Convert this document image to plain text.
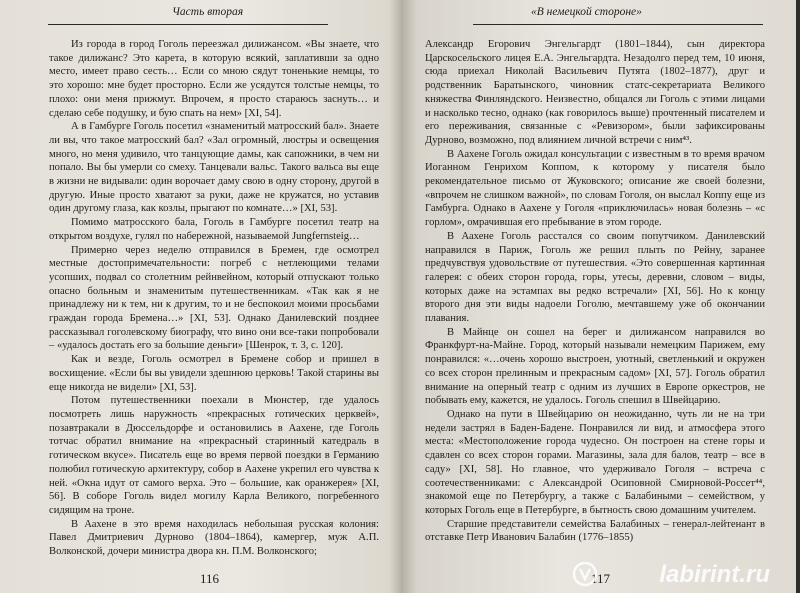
Часть вторая

Из города в город Гоголь переезжал дилижансом. «Вы знаете, что такое дилижанс? Это карета, в которую всякий, заплативши за одно место, имеет право сесть… Если со мною сядут тоненькие немцы, то это хорошо: мне будет просторно. Если же усядутся толстые немцы, то плохо: они меня прижмут. Впрочем, я просто стараюсь заснуть… и сделаю себе подушку, и бую спать на нем» [XI, 54].

А в Гамбурге Гоголь посетил «знаменитый матросский бал». Знаете ли вы, что такое матросский бал? «Зал огромный, люстры и освещения много, но меня удивило, что танцующие дамы, как сапожники, в чем ни попало. Вы бы умерли со смеху. Танцевали вальс. Такого вальса вы еще в жизни не видывали: один ворочает даму свою в одну сторону, другой в другую. Иные просто хватают за руки, даже не кружатся, но уставив один другому глаза, как козлы, прыгают по комнате…» [XI, 53].

Помимо матросского бала, Гоголь в Гамбурге посетил театр на открытом воздухе, гулял по набережной, называемой Jungfernsteig…

Примерно через неделю отправился в Бремен, где осмотрел местные достопримечательности: погреб с нетлеющими телами усопших, подвал со столетним рейнвейном, который отпускают только опасно больным и знаменитым путешественникам. «Так как я не принадлежу ни к тем, ни к другим, то и не беспокоил моими просьбами граждан города Бремена…» [XI, 53]. Однако Данилевский позднее рассказывал гоголевскому биографу, что вино они все-таки попробовали – «удалось достать его за большие деньги» [Шенрок, т. 3, с. 120].

Как и везде, Гоголь осмотрел в Бремене собор и пришел в восхищение. «Если бы вы увидели здешнюю церковь! Такой старины вы еще никогда не видели» [XI, 53].

Потом путешественники поехали в Мюнстер, где удалось посмотреть лишь наружность «прекрасных готических церквей», позавтракали в Дюссельдорфе и остановились в Аахене, где Гоголь тотчас обратил внимание на «прекрасный старинный катедраль в готическом вкусе». Писатель еще во время первой поездки в Германию полюбил готическую архитектуру, собор в Аахене укрепил его чувства к ней. «Окна идут от самого верха. Это – большие, как оранжерея» [XI, 56]. В соборе Гоголь видел могилу Карла Великого, погребенного сидящим на троне.

В Аахене в это время находилась небольшая русская колония: Павел Дмитриевич Дурново (1804–1864), камергер, муж А.П. Волконской, дочери министра двора кн. П.М. Волконского;

116
«В немецкой стороне»

Александр Егорович Энгельгардт (1801–1844), сын директора Царскосельского лицея Е.А. Энгельгардта. Незадолго перед тем, 10 июня, сюда приехал Николай Васильевич Путята (1802–1877), друг и родственник Баратынского, чиновник статс-секретариата Великого княжества Финляндского. Неизвестно, общался ли Гоголь с этими лицами и насколько тесно, однако (как говорилось выше) прочтенный писателем и его переживания, связанные с «Ревизором», были зафиксированы Дурново, возможно, под влиянием личной встречи с ним⁴³.

В Аахене Гоголь ожидал консультации с известным в то время врачом Иоганном Генрихом Коппом, к которому у писателя было рекомендательное письмо от Жуковского; описание же своей болезни, «впрочем не слишком важной», по словам Гоголя, он выслал Коппу еще из Гамбурга. Однако в Аахене у Гоголя «приключилась» новая болезнь – «с горлом», омрачившая его пребывание в этом городе.

В Аахене Гоголь расстался со своим попутчиком. Данилевский направился в Париж, Гоголь же решил плыть по Рейну, заранее предчувствуя удовольствие от путешествия. «Это совершенная картинная галерея: с обеих сторон города, горы, утесы, деревни, словом – виды, которых даже на эстампах вы редко встречали» [XI, 56]. Но к концу второго дня эти виды надоели Гоголю, мечтавшему уже об окончании плавания.

В Майнце он сошел на берег и дилижансом направился во Франкфурт-на-Майне. Город, который называли немецким Парижем, ему понравился: «…очень хорошо выстроен, уютный, светленький и окружен со всех сторон прелинным и прекрасным садом» [XI, 57]. Гоголь обратил внимание на оперный театр с одним из лучших в Европе оркестров, не побывать ему, кажется, не удалось. Гоголь спешил в Швейцарию.

Однако на пути в Швейцарию он неожиданно, чуть ли не на три недели застрял в Баден-Бадене. Понравился ли вид, и атмосфера этого места: «Местоположение города чудесно. Он построен на стене горы и сдавлен со всех сторон горами. Магазины, зала для балов, театр – все в саду» [XI, 58]. Но главное, что удерживало Гоголя – встреча с соотечественниками: с Александрой Осиповной Смирновой-Россет⁴⁴, знакомой еще по Петербургу, а также с Балабиными – семейством, у которых Гоголь еще в Петербурге, в бытность свою домашним учителем.

Старшие представители семейства Балабиных – генерал-лейтенант в отставке Петр Иванович Балабин (1776–1855)

117 labirint.ru
